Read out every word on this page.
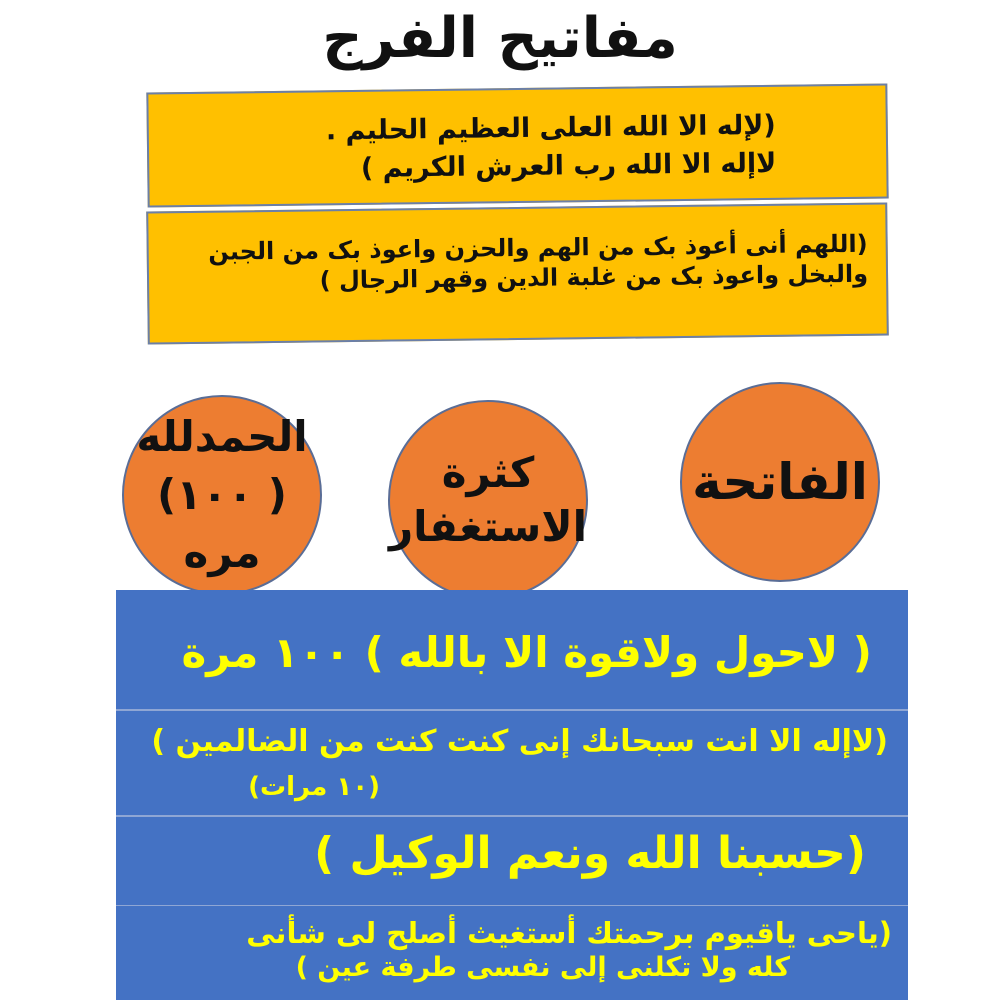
مفاتيح الفرج
(لإله الا الله العلى العظيم الحليم .
لاإله الا الله رب العرش الكريم )
(اللهم أنى أعوذ بک من الهم والحزن واعوذ بک من الجبن
والبخل واعوذ بک من غلبة الدين وقهر الرجال )
الفاتحة
كثرة
الاستغفار
الحمدلله
( ١٠٠) مره
( لاحول ولاقوة الا بالله ) ١٠٠ مرة
(لاإله الا انت سبحانك إنى كنت كنت من الضالمين )
(١٠ مرات)
(حسبنا الله ونعم الوكيل )
(ياحى ياقيوم برحمتك أستغيث أصلح لى شأنى
كله ولا تكلنى إلى نفسى طرفة عين )
